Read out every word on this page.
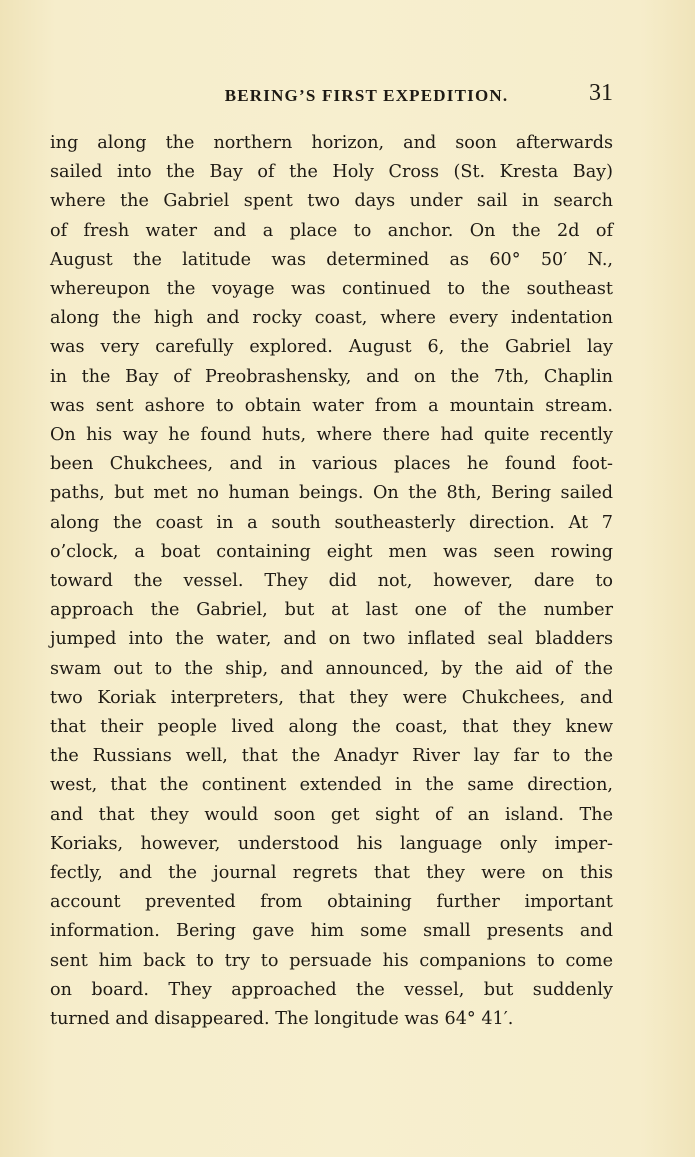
BERING’S FIRST EXPEDITION.	31
ing along the northern horizon, and soon afterwards
sailed into the Bay of the Holy Cross (St. Kresta Bay)
where the Gabriel spent two days under sail in search
of fresh water and a place to anchor. On the 2d of
August the latitude was determined as 60° 50′ N.,
whereupon the voyage was continued to the southeast
along the high and rocky coast, where every indentation
was very carefully explored. August 6, the Gabriel lay
in the Bay of Preobrashensky, and on the 7th, Chaplin
was sent ashore to obtain water from a mountain stream.
On his way he found huts, where there had quite recently
been Chukchees, and in various places he found foot-
paths, but met no human beings. On the 8th, Bering sailed
along the coast in a south southeasterly direction. At 7
o’clock, a boat containing eight men was seen rowing
toward the vessel. They did not, however, dare to
approach the Gabriel, but at last one of the number
jumped into the water, and on two inflated seal bladders
swam out to the ship, and announced, by the aid of the
two Koriak interpreters, that they were Chukchees, and
that their people lived along the coast, that they knew
the Russians well, that the Anadyr River lay far to the
west, that the continent extended in the same direction,
and that they would soon get sight of an island. The
Koriaks, however, understood his language only imper-
fectly, and the journal regrets that they were on this
account prevented from obtaining further important
information. Bering gave him some small presents and
sent him back to try to persuade his companions to come
on board. They approached the vessel, but suddenly
turned and disappeared. The longitude was 64° 41′.
